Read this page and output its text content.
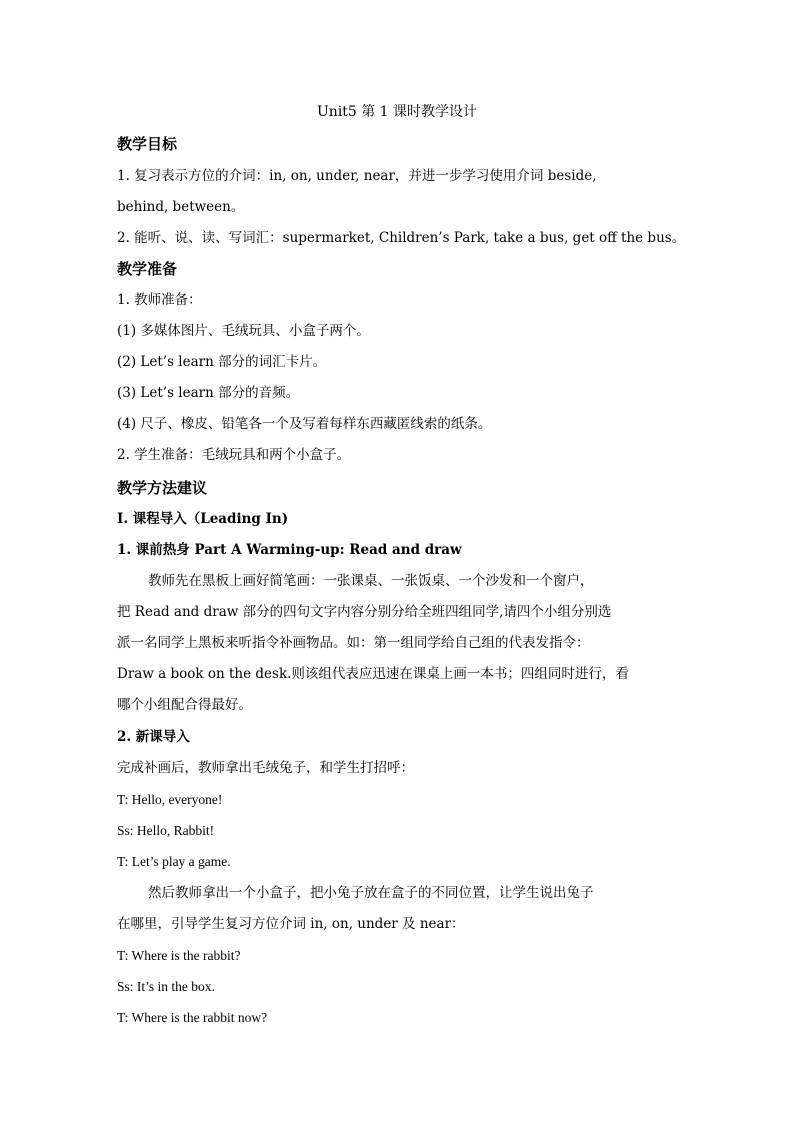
Unit5 第 1 课时教学设计
教学目标
1. 复习表示方位的介词：in, on, under, near，并进一步学习使用介词 beside,
behind, between。
2. 能听、说、读、写词汇：supermarket, Children’s Park, take a bus, get off the bus。
教学准备
1. 教师准备：
(1) 多媒体图片、毛绒玩具、小盒子两个。
(2) Let’s learn 部分的词汇卡片。
(3) Let’s learn 部分的音频。
(4) 尺子、橡皮、铅笔各一个及写着每样东西藏匿线索的纸条。
2. 学生准备：毛绒玩具和两个小盒子。
教学方法建议
I. 课程导入（Leading In)
1. 课前热身 Part A Warming-up: Read and draw
教师先在黑板上画好简笔画：一张课桌、一张饭桌、一个沙发和一个窗户，
把 Read and draw 部分的四句文字内容分别分给全班四组同学,请四个小组分别选
派一名同学上黑板来听指令补画物品。如：第一组同学给自己组的代表发指令：
Draw a book on the desk.则该组代表应迅速在课桌上画一本书；四组同时进行，看
哪个小组配合得最好。
2. 新课导入
完成补画后，教师拿出毛绒兔子，和学生打招呼：
T: Hello, everyone!
Ss: Hello, Rabbit!
T: Let’s play a game.
然后教师拿出一个小盒子，把小兔子放在盒子的不同位置，让学生说出兔子
在哪里，引导学生复习方位介词 in, on, under 及 near：
T: Where is the rabbit?
Ss: It’s in the box.
T: Where is the rabbit now?
